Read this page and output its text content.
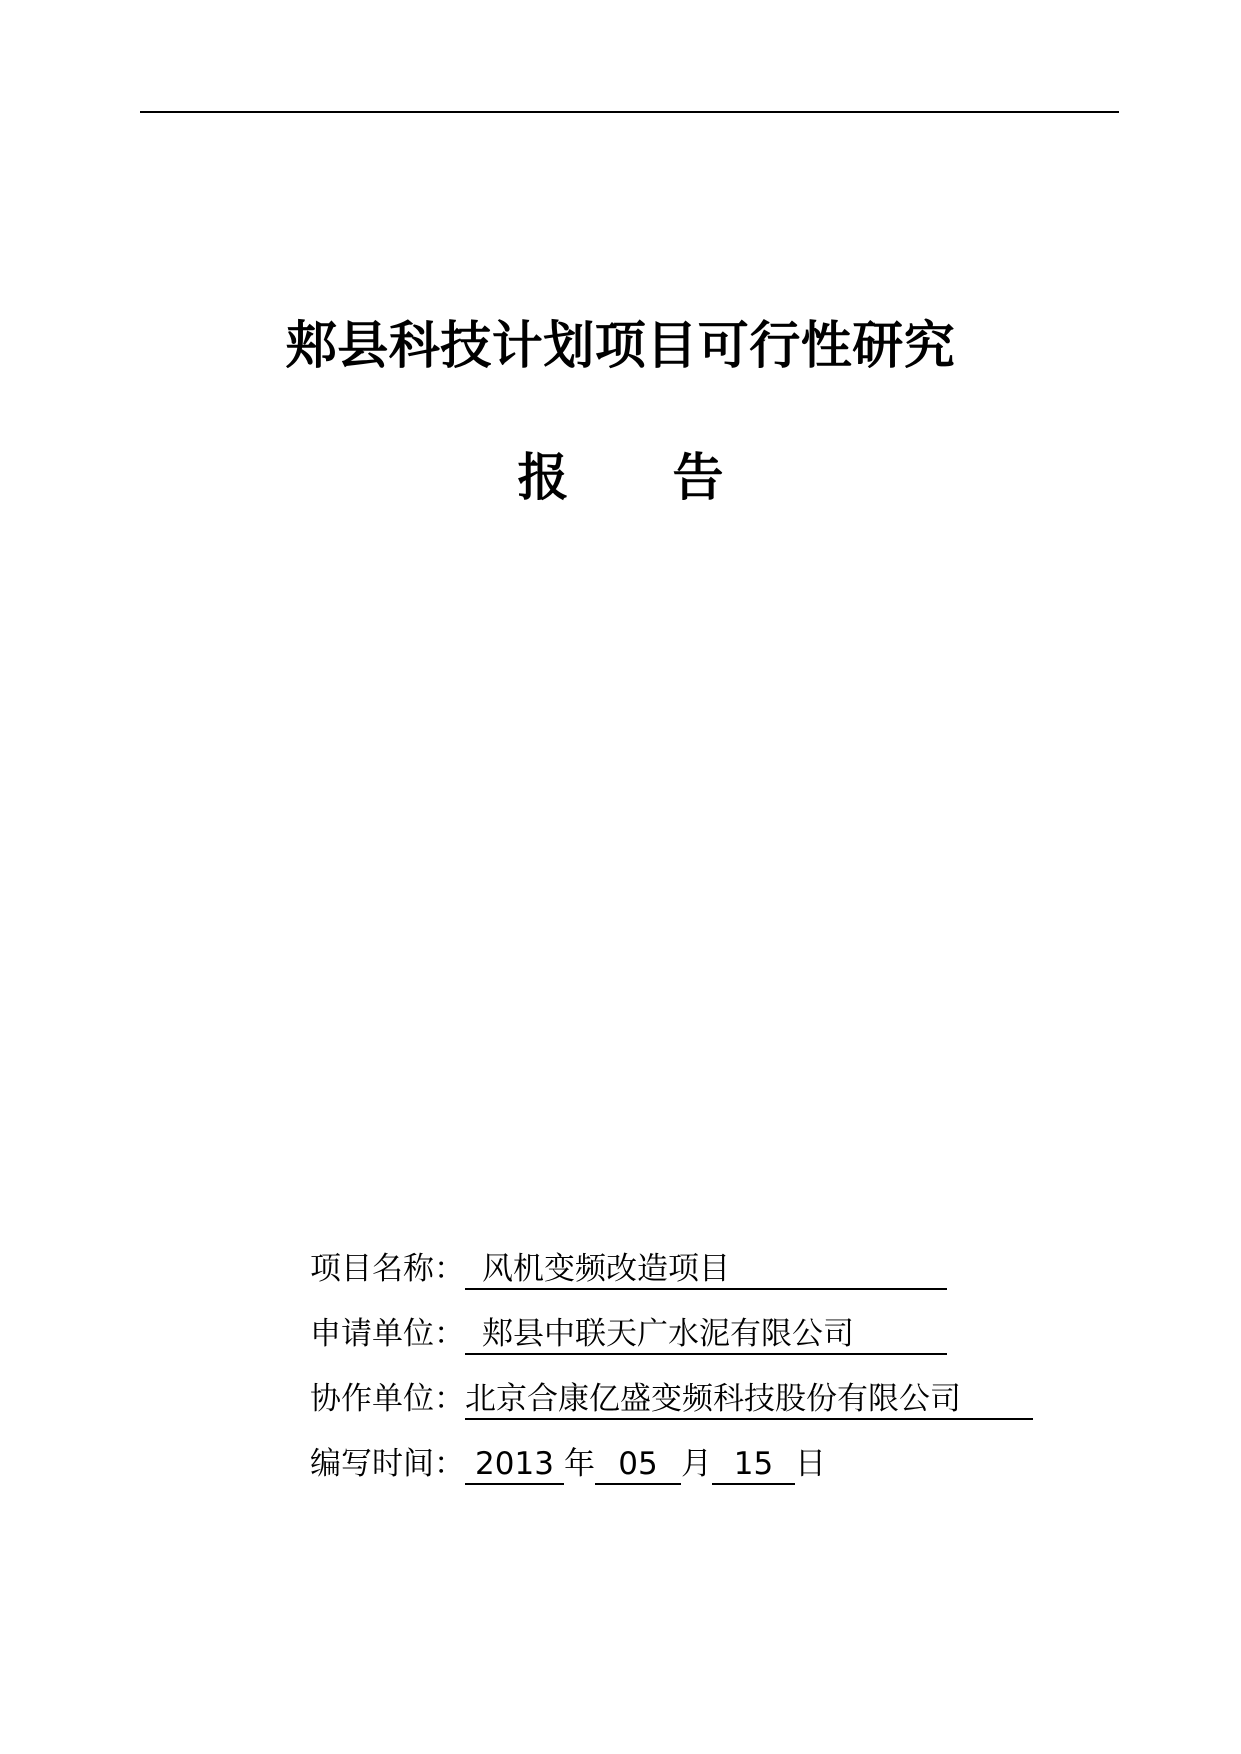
郏县科技计划项目可行性研究
报 告
项目名称： 风机变频改造项目
申请单位： 郏县中联天广水泥有限公司
协作单位：北京合康亿盛变频科技股份有限公司
编写时间： 2013 年 05 月 15 日
